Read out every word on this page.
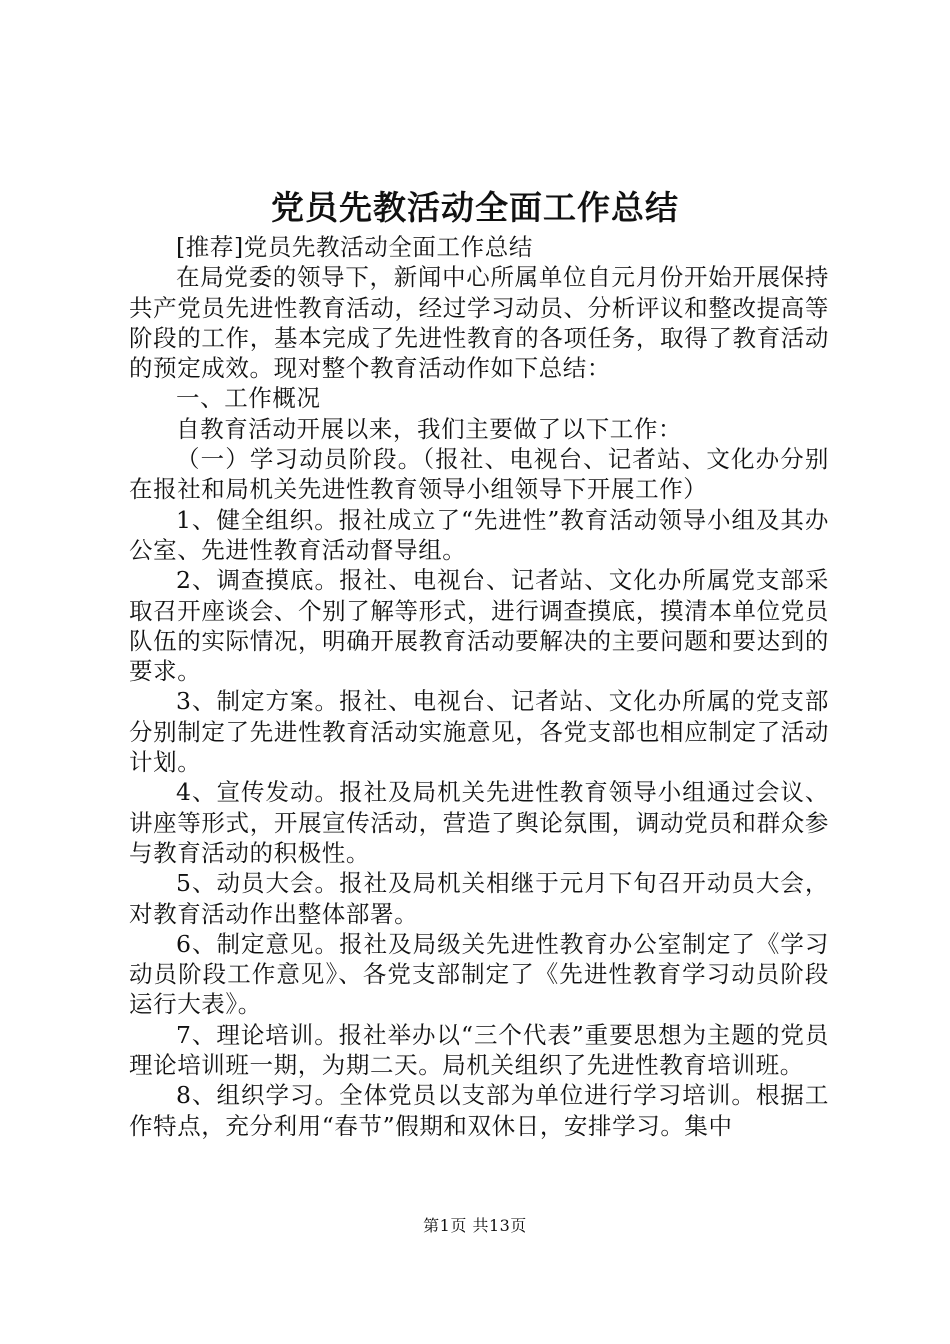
党员先教活动全面工作总结

[推荐]党员先教活动全面工作总结

在局党委的领导下，新闻中心所属单位自元月份开始开展保持共产党员先进性教育活动，经过学习动员、分析评议和整改提高等阶段的工作，基本完成了先进性教育的各项任务，取得了教育活动的预定成效。现对整个教育活动作如下总结：

一、工作概况

自教育活动开展以来，我们主要做了以下工作：

（一）学习动员阶段。（报社、电视台、记者站、文化办分别在报社和局机关先进性教育领导小组领导下开展工作）

1、健全组织。报社成立了“先进性”教育活动领导小组及其办公室、先进性教育活动督导组。

2、调查摸底。报社、电视台、记者站、文化办所属党支部采取召开座谈会、个别了解等形式，进行调查摸底，摸清本单位党员队伍的实际情况，明确开展教育活动要解决的主要问题和要达到的要求。

3、制定方案。报社、电视台、记者站、文化办所属的党支部分别制定了先进性教育活动实施意见，各党支部也相应制定了活动计划。

4、宣传发动。报社及局机关先进性教育领导小组通过会议、讲座等形式，开展宣传活动，营造了舆论氛围，调动党员和群众参与教育活动的积极性。

5、动员大会。报社及局机关相继于元月下旬召开动员大会，对教育活动作出整体部署。

6、制定意见。报社及局级关先进性教育办公室制定了《学习动员阶段工作意见》、各党支部制定了《先进性教育学习动员阶段运行大表》。

7、理论培训。报社举办以“三个代表”重要思想为主题的党员理论培训班一期，为期二天。局机关组织了先进性教育培训班。

8、组织学习。全体党员以支部为单位进行学习培训。根据工作特点，充分利用“春节”假期和双休日，安排学习。集中

第1页 共13页
